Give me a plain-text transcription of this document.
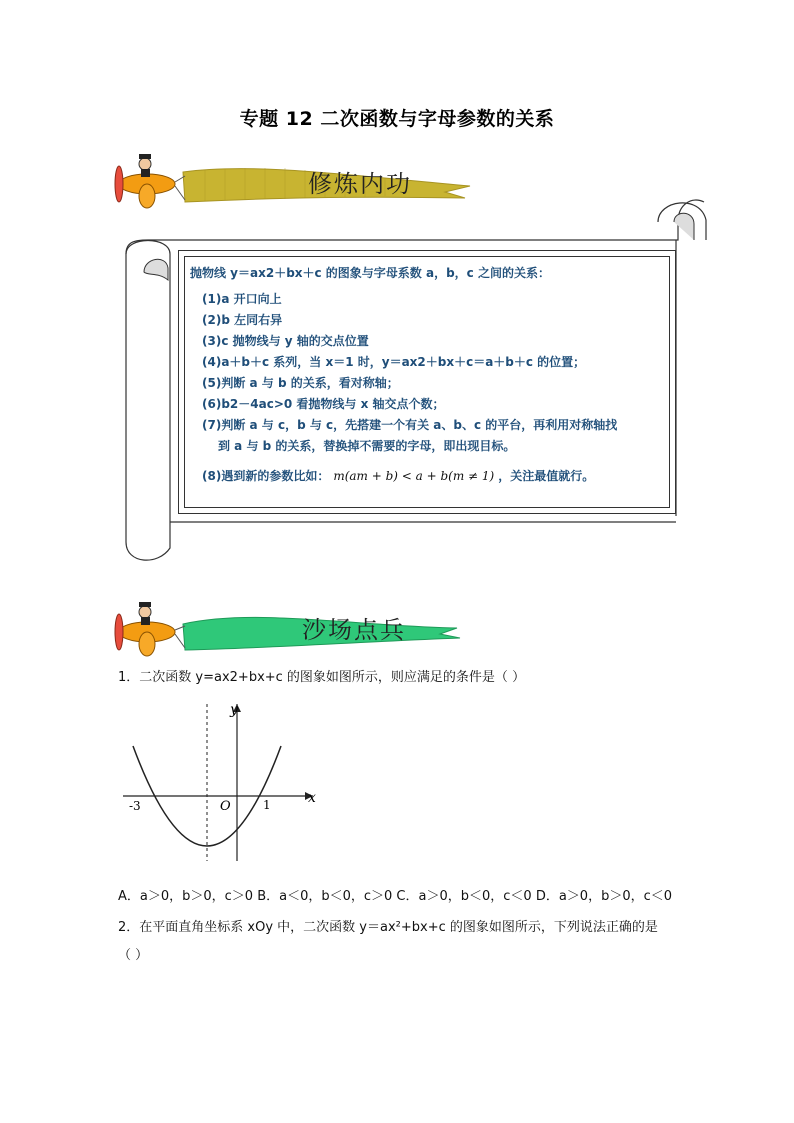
专题 12 二次函数与字母参数的关系
修炼内功
抛物线 y＝ax2＋bx＋c 的图象与字母系数 a，b，c 之间的关系：
(1)a 开口向上
(2)b 左同右异
(3)c 抛物线与 y 轴的交点位置
(4)a＋b＋c 系列，当 x＝1 时，y＝ax2＋bx＋c＝a＋b＋c 的位置；
(5)判断 a 与 b 的关系，看对称轴；
(6)b2－4ac>0 看抛物线与 x 轴交点个数；
(7)判断 a 与 c，b 与 c，先搭建一个有关 a、b、c 的平台，再利用对称轴找
到 a 与 b 的关系，替换掉不需要的字母，即出现目标。
(8)遇到新的参数比如： m(am + b) < a + b(m ≠ 1) ，关注最值就行。
沙场点兵
1．二次函数 y=ax2+bx+c 的图象如图所示，则应满足的条件是（ ）
y
x
O
-3	1
A．a＞0，b＞0，c＞0 B．a＜0，b＜0，c＞0 C．a＞0，b＜0，c＜0 D．a＞0，b＞0，c＜0
2．在平面直角坐标系 xOy 中，二次函数 y＝ax²+bx+c 的图象如图所示，下列说法正确的是
（ ）
